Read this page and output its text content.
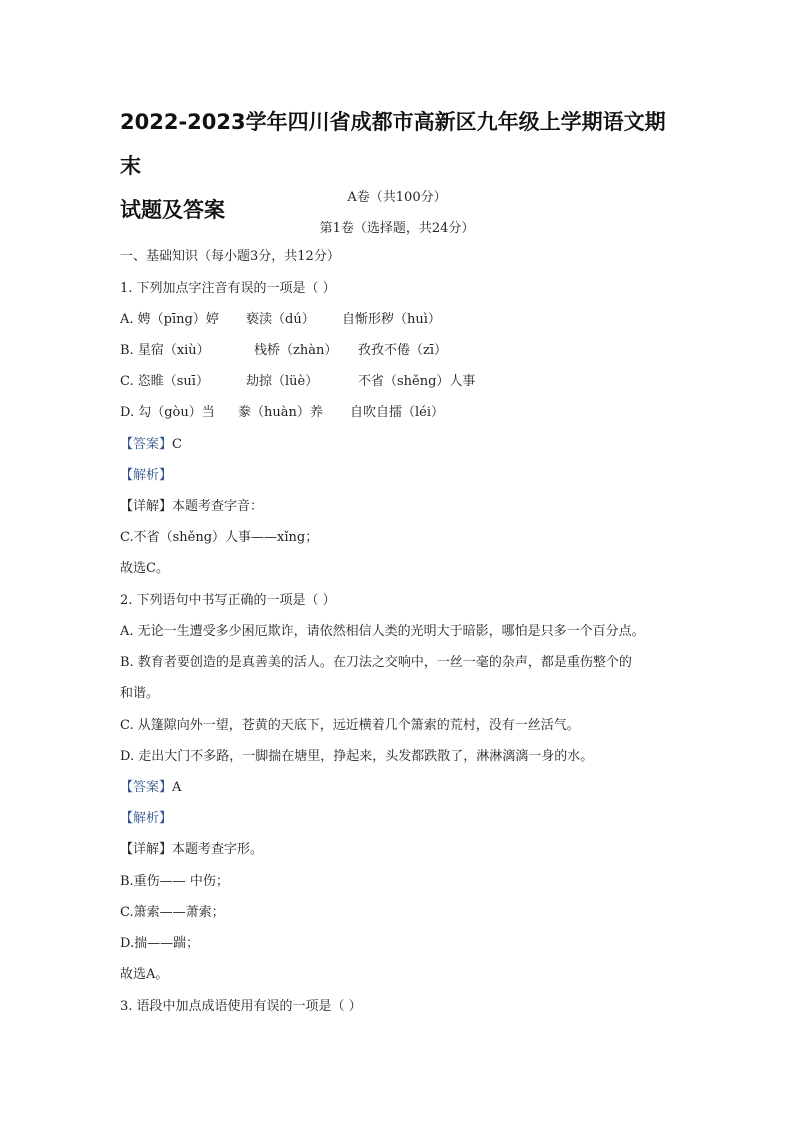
2022-2023学年四川省成都市高新区九年级上学期语文期末
试题及答案
A卷（共100分）
第1卷（选择题，共24分）
一、基础知识（每小题3分，共12分）
1. 下列加点字注音有误的一项是（ ）
A. 娉（pīng）婷 亵渎（dú） 自惭形秽（huì）
B. 星宿（xiù）	栈桥（zhàn） 孜孜不倦（zī）
C. 恣睢（suī）	劫掠（lüè）	不省（shěng）人事
D. 勾（gòu）当 豢（huàn）养 自吹自擂（léi）
【答案】C
【解析】
【详解】本题考查字音：
C.不省（shěng）人事——xǐng；
故选C。
2. 下列语句中书写正确的一项是（ ）
A. 无论一生遭受多少困厄欺诈，请依然相信人类的光明大于暗影，哪怕是只多一个百分点。
B. 教育者要创造的是真善美的活人。在刀法之交响中，一丝一毫的杂声，都是重伤整个的
和谐。
C. 从篷隙向外一望，苍黄的天底下，远近横着几个箫索的荒村，没有一丝活气。
D. 走出大门不多路，一脚揣在塘里，挣起来，头发都跌散了，淋淋漓漓一身的水。
【答案】A
【解析】
【详解】本题考查字形。
B.重伤—— 中伤；
C.箫索——萧索；
D.揣——踹；
故选A。
3. 语段中加点成语使用有误的一项是（ ）
